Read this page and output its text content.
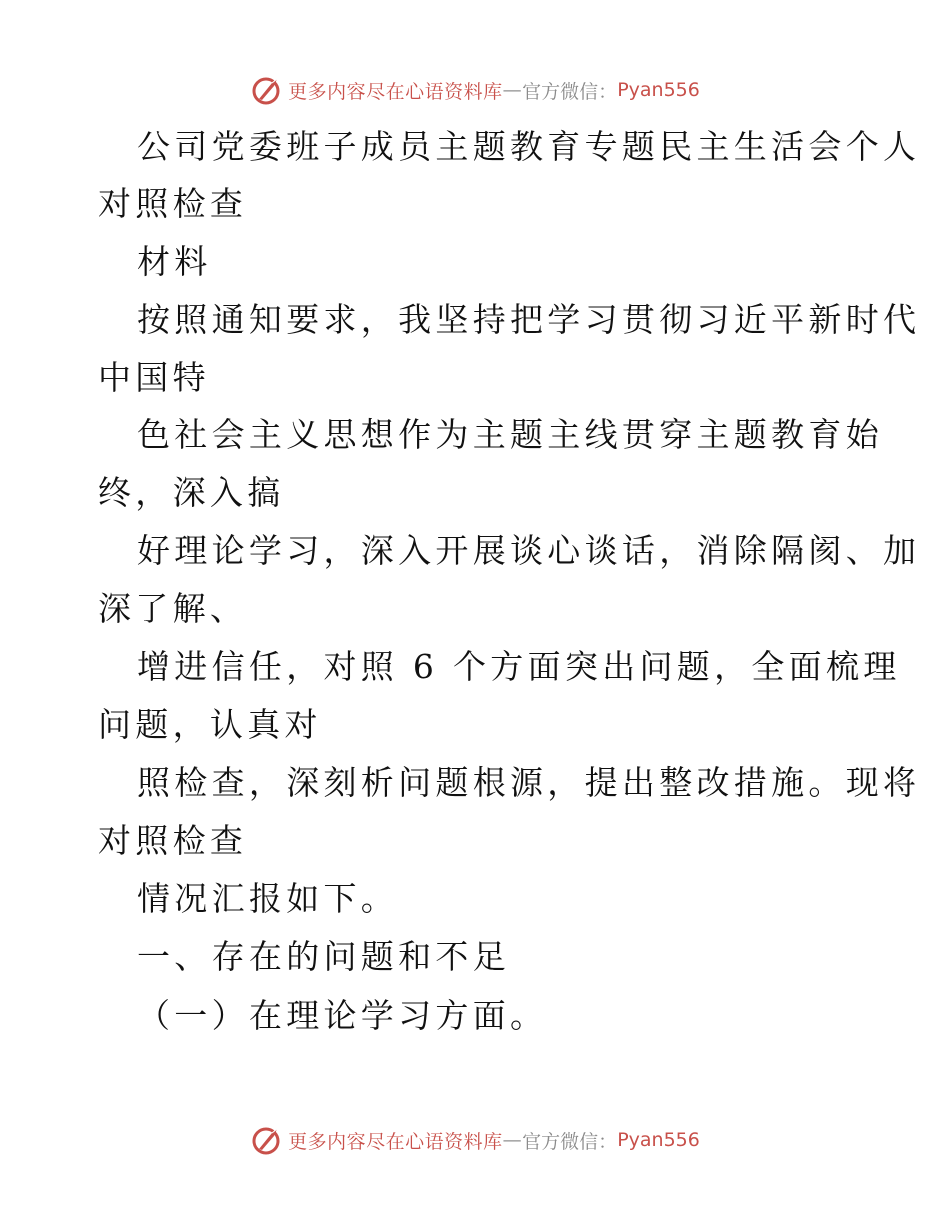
更多内容尽在心语资料库 — 官方微信： Pyan556
公司党委班子成员主题教育专题民主生活会个人
对照检查
材料
按照通知要求，我坚持把学习贯彻习近平新时代
中国特
色社会主义思想作为主题主线贯穿主题教育始
终，深入搞
好理论学习，深入开展谈心谈话，消除隔阂、加
深了解、
增进信任，对照 6 个方面突出问题，全面梳理
问题，认真对
照检查，深刻析问题根源，提出整改措施。现将
对照检查
情况汇报如下。
一、存在的问题和不足
（一）在理论学习方面。
更多内容尽在心语资料库 — 官方微信： Pyan556
